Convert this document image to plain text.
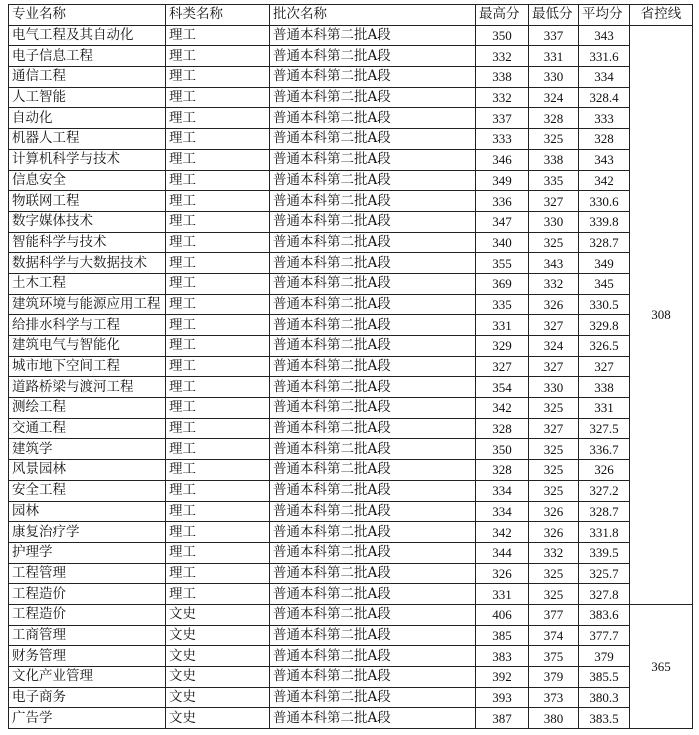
专业名称	科类名称	批次名称	最高分	最低分	平均分	省控线
电气工程及其自动化	理工	普通本科第二批A段	350	337	343	308
电子信息工程	理工	普通本科第二批A段	332	331	331.6	
通信工程	理工	普通本科第二批A段	338	330	334	
人工智能	理工	普通本科第二批A段	332	324	328.4	
自动化	理工	普通本科第二批A段	337	328	333	
机器人工程	理工	普通本科第二批A段	333	325	328	
计算机科学与技术	理工	普通本科第二批A段	346	338	343	
信息安全	理工	普通本科第二批A段	349	335	342	
物联网工程	理工	普通本科第二批A段	336	327	330.6	
数字媒体技术	理工	普通本科第二批A段	347	330	339.8	
智能科学与技术	理工	普通本科第二批A段	340	325	328.7	
数据科学与大数据技术	理工	普通本科第二批A段	355	343	349	
土木工程	理工	普通本科第二批A段	369	332	345	
建筑环境与能源应用工程	理工	普通本科第二批A段	335	326	330.5	
给排水科学与工程	理工	普通本科第二批A段	331	327	329.8	
建筑电气与智能化	理工	普通本科第二批A段	329	324	326.5	
城市地下空间工程	理工	普通本科第二批A段	327	327	327	
道路桥梁与渡河工程	理工	普通本科第二批A段	354	330	338	
测绘工程	理工	普通本科第二批A段	342	325	331	
交通工程	理工	普通本科第二批A段	328	327	327.5	
建筑学	理工	普通本科第二批A段	350	325	336.7	
风景园林	理工	普通本科第二批A段	328	325	326	
安全工程	理工	普通本科第二批A段	334	325	327.2	
园林	理工	普通本科第二批A段	334	326	328.7	
康复治疗学	理工	普通本科第二批A段	342	326	331.8	
护理学	理工	普通本科第二批A段	344	332	339.5	
工程管理	理工	普通本科第二批A段	326	325	325.7	
工程造价	理工	普通本科第二批A段	331	325	327.8	
工程造价	文史	普通本科第二批A段	406	377	383.6	365
工商管理	文史	普通本科第二批A段	385	374	377.7	
财务管理	文史	普通本科第二批A段	383	375	379	
文化产业管理	文史	普通本科第二批A段	392	379	385.5	
电子商务	文史	普通本科第二批A段	393	373	380.3	
广告学	文史	普通本科第二批A段	387	380	383.5	
